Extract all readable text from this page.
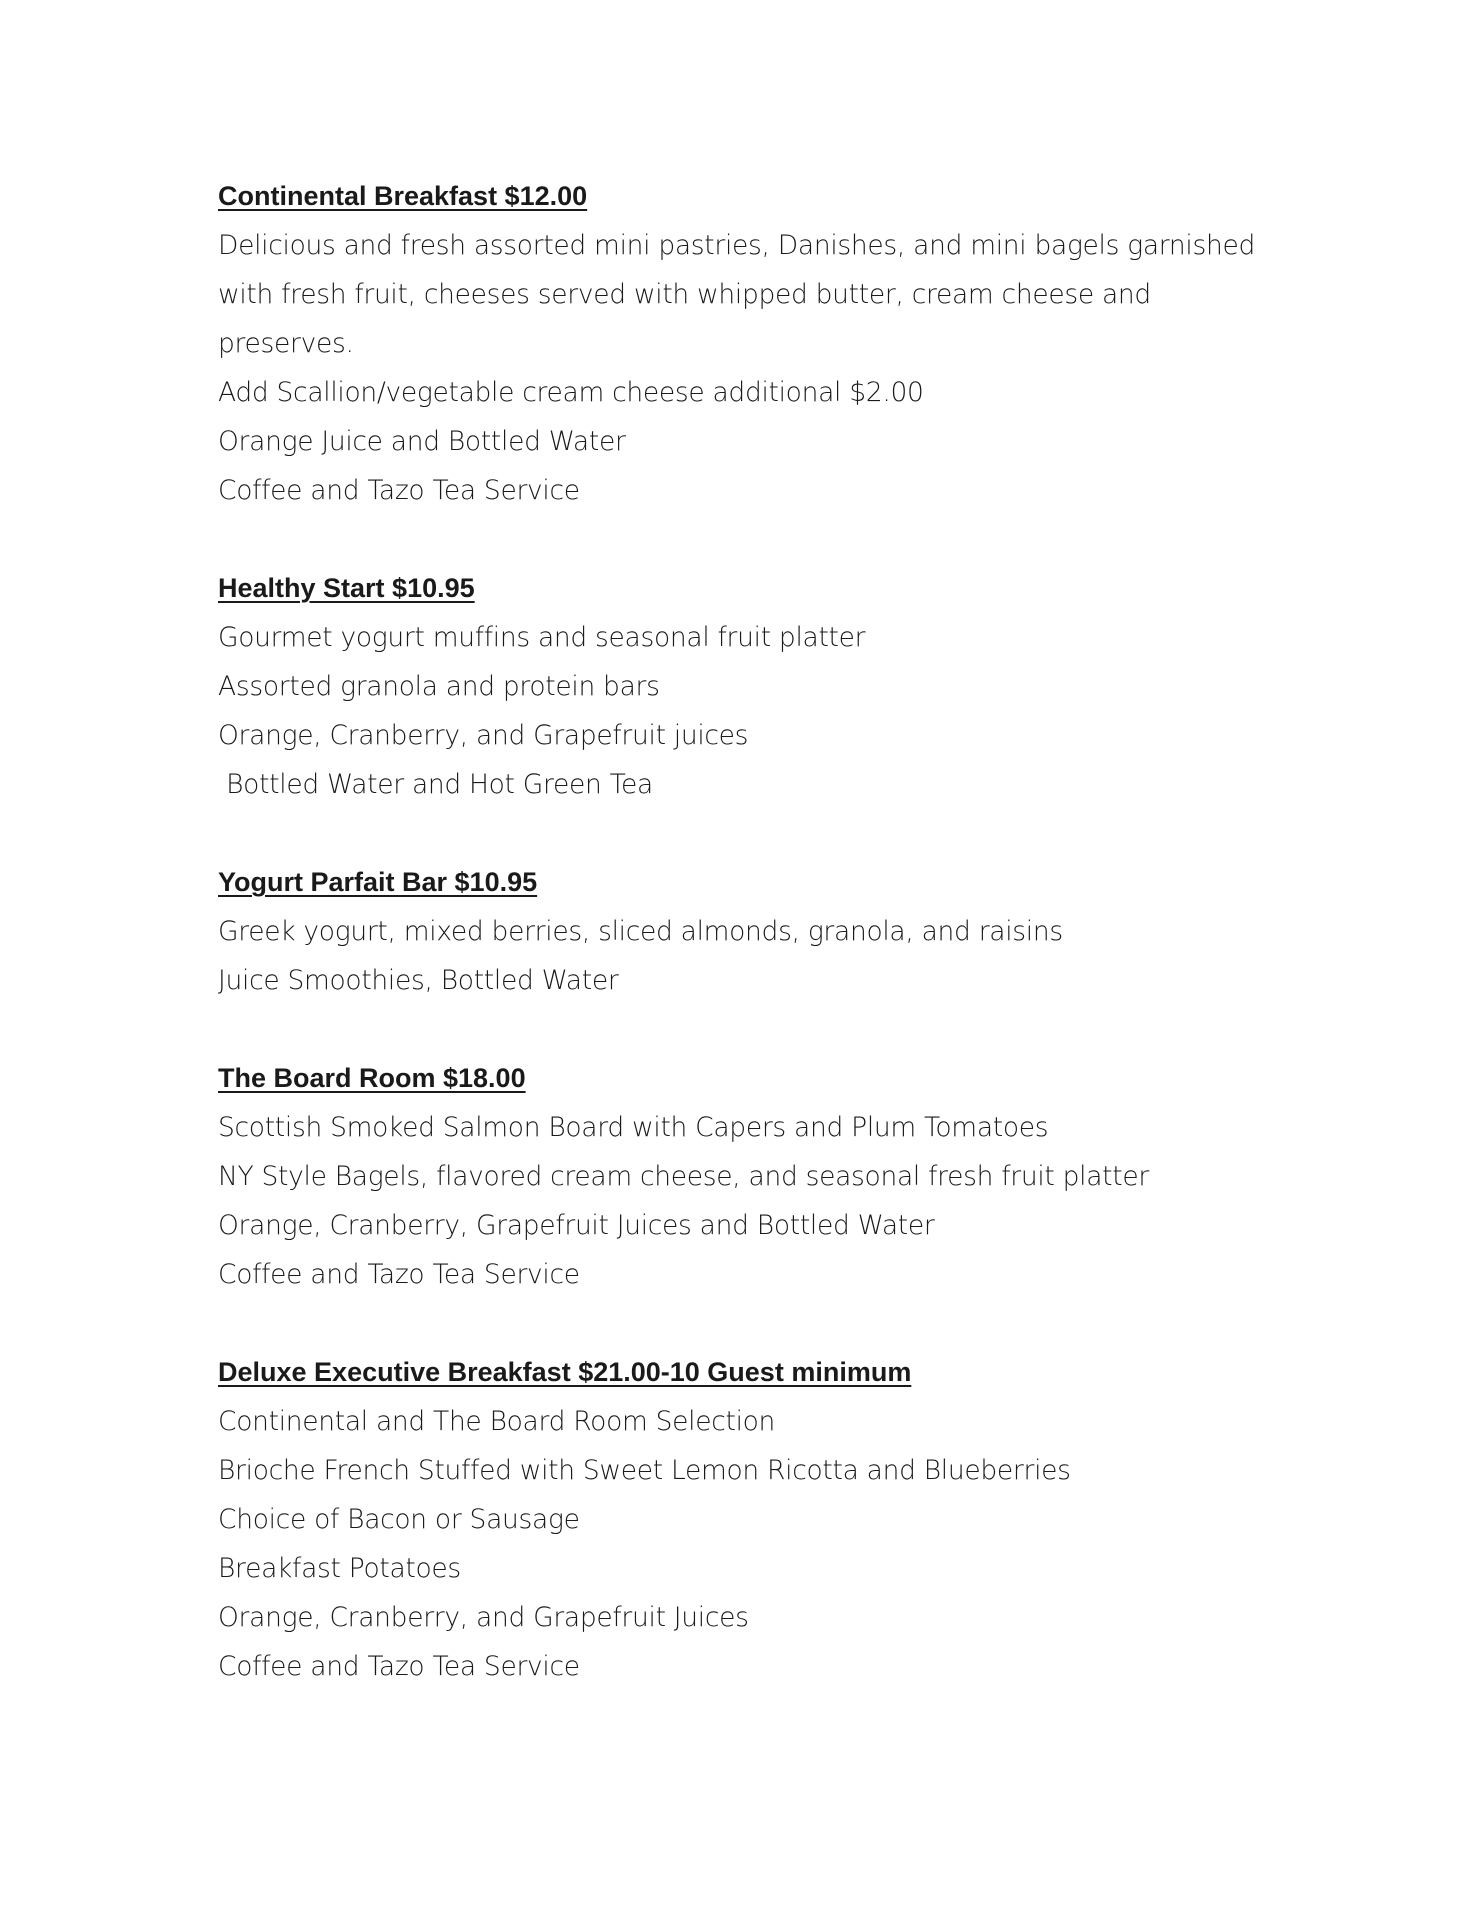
Continental Breakfast $12.00
Delicious and fresh assorted mini pastries, Danishes, and mini bagels garnished
with fresh fruit, cheeses served with whipped butter, cream cheese and
preserves.
Add Scallion/vegetable cream cheese additional $2.00
Orange Juice and Bottled Water
Coffee and Tazo Tea Service
Healthy Start $10.95
Gourmet yogurt muffins and seasonal fruit platter
Assorted granola and protein bars
Orange, Cranberry, and Grapefruit juices
Bottled Water and Hot Green Tea
Yogurt Parfait Bar $10.95
Greek yogurt, mixed berries, sliced almonds, granola, and raisins
Juice Smoothies, Bottled Water
The Board Room $18.00
Scottish Smoked Salmon Board with Capers and Plum Tomatoes
NY Style Bagels, flavored cream cheese, and seasonal fresh fruit platter
Orange, Cranberry, Grapefruit Juices and Bottled Water
Coffee and Tazo Tea Service
Deluxe Executive Breakfast $21.00-10 Guest minimum
Continental and The Board Room Selection
Brioche French Stuffed with Sweet Lemon Ricotta and Blueberries
Choice of Bacon or Sausage
Breakfast Potatoes
Orange, Cranberry, and Grapefruit Juices
Coffee and Tazo Tea Service
